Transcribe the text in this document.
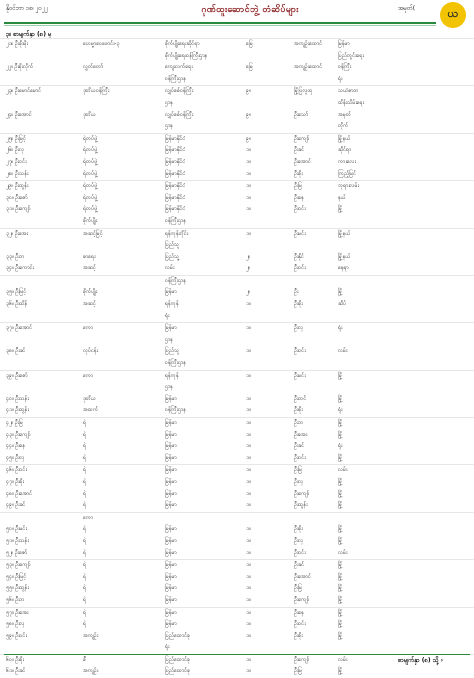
နိုဝင်ဘာ ၁၈၊ ၂၀၂၂	ဂုဏ်ထူးဆောင်ဘွဲ့ တံဆိပ်များ	အမှတ်(	ယ
၃။ စာမျက်နှာ (၈) မှ
၂၁။ ဦးစိုးမိုး	ဟေမ္မာဝေဖောင်း-၃	စိုက်ပျိုးရေးဆိုင်ရာ	မြေ	အကျဉ်းထောင်	မြန်မာ
စိုက်ပျိုးရေးဝန်ကြီးဌာန	ပြည်တွင်းရေး
၂၂။ ဦးစိုးလိုက်	လွှတ်တော်	ကျေးလက်ရေး	မြေ	အကျဉ်းထောင်	ဝန်ကြီး
ဝန်ကြီးဌာန	ရုံး
၂၃။ ဦးမောင်မောင်	ဒုတိယဝန်ကြီး	လျှပ်စစ်ဝန်ကြီး	၉။	မြို့ပြလူထု	သယံဇာတ
ဌာန	ထိန်းသိမ်းရေး
၂၄။ ဦးအောင်	ဒုတိယ	လျှပ်စစ်ဝန်ကြီး	၉။	ဦးသော်	အမှတ်
ဌာန	တိုက်
၂၅။ ဦးမြင့်	ရဲတပ်ဖွဲ့	မြန်မာနိုင်ငံ	၉။	ဦးကျော်	မြို့နယ်
၂၆။ ဦးလှ	ရဲတပ်ဖွဲ့	မြန်မာနိုင်ငံ	၁။	ဦးခင်	ဆိုင်ရာ
၂၇။ ဦးဝင်း	ရဲတပ်ဖွဲ့	မြန်မာနိုင်ငံ	၁။	ဦးအောင်	ကားလေး
၂၈။ ဦးသန်း	ရဲတပ်ဖွဲ့	မြန်မာနိုင်ငံ	၁။	ဦးစိုး	ကြည့်မြင်
၂၉။ ဦးထွန်း	ရဲတပ်ဖွဲ့	မြန်မာနိုင်ငံ	၁။	ဦးမြ	ဘုရားလမ်း
၃၀။ ဦးဇော်	ရဲတပ်ဖွဲ့	မြန်မာနိုင်ငံ	၁။	ဦးနေ	နယ်
၃၁။ ဦးကျော်	ရဲတပ်ဖွဲ့	မြန်မာနိုင်ငံ	၁။	ဦးဝင်း	မြို့
စိုက်ပျိုး	ဝန်ကြီးဌာန
၃၂။ ဦးအေး	အဆင့်မြင့်	ရန်ကုန်တိုင်း	၁။	ဦးမင်း	မြို့နယ်
ပြည်သူ
၃၃။ ဦးဘ	စာရေး	ပြည်သူ့	၂။	ဦးနိုင်	မြို့နယ်
၃၄။ ဦးကောင်း	အဆင့်	လမ်း	၂။	ဦးဝင်း	နေရာ
ဝန်ကြီးဌာန
၃၅။ ဦးမြင့်	စိုက်ပျိုး	မြန်မာ	၂။	ဦး	မြို့
၃၆။ ဦးထိန်	အဆင့်	ရန်ကုန်	၁။	ဦးစိုး	ဆိပ်
ရုံး
၃၇။ ဦးအောင်	ကော	မြန်မာ	၁။	ဦးလှ	ရုံး
ဌာန
၃၈။ ဦးခင်	လုပ်ငန်း	ပြည်သူ	၁။	ဦးဝင်း	လမ်း
ဝန်ကြီးဌာန
၃၉။ ဦးဇော်	ကော	ရန်ကုန်	၁။	ဦးမင်း	မြို့
ဌာန
၄၀။ ဦးသန်း	ဒုတိယ	မြန်မာ	၁။	ဦးတင်	မြို့
၄၁။ ဦးထွန်း	အထက်	ဝန်ကြီးဌာန	၁။	ဦးစိုး	ရုံး
၄၂။ ဦးမြ	ရဲ	မြန်မာ	၁။	ဦးဘ	မြို့
၄၃။ ဦးကျော်	ရဲ	မြန်မာ	၁။	ဦးအေး	မြို့
၄၄။ ဦးနေ	ရဲ	မြန်မာ	၁။	ဦးခင်	ရုံး
၄၅။ ဦးလှ	ရဲ	မြန်မာ	၁။	ဦးဝင်း	မြို့
၄၆။ ဦးဝင်း	ရဲ	မြန်မာ	၁။	ဦးမြ	လမ်း
၄၇။ ဦးစိုး	ရဲ	မြန်မာ	၁။	ဦးလှ	မြို့
၄၈။ ဦးအောင်	ရဲ	မြန်မာ	၁။	ဦးကျော်	မြို့
၄၉။ ဦးခင်	ရဲ	မြန်မာ	၁။	ဦးထွန်း	မြို့
ကော
၅၀။ ဦးမင်း	ရဲ	မြန်မာ	၁။	ဦးစိုး	မြို့
၅၁။ ဦးသန်း	ရဲ	မြန်မာ	၁။	ဦးလှ	မြို့
၅၂။ ဦးဇော်	ရဲ	မြန်မာ	၁။	ဦးဝင်း	လမ်း
၅၃။ ဦးကျော်	ရဲ	မြန်မာ	၁။	ဦးခင်	မြို့
၅၄။ ဦးမြင့်	ရဲ	မြန်မာ	၁။	ဦးအောင်	မြို့
၅၅။ ဦးထွန်း	ရဲ	မြန်မာ	၁။	ဦးမြ	မြို့
၅၆။ ဦးဘ	ရဲ	မြန်မာ	၁။	ဦးကျော်	မြို့
၅၇။ ဦးအေး	ရဲ	မြန်မာ	၁။	ဦးနေ	မြို့
၅၈။ ဦးလှ	ရဲ	မြန်မာ	၁။	ဦးဝင်း	မြို့
၅၉။ ဦးဝင်း	အကျဉ်း	ပြည်ထောင်စု	၁။	ဦးစိုး	မြို့
ရုံး
၆၀။ ဦးစိုး	စီ	ပြည်ထောင်စု	၁။	ဦးကျော်	လမ်း
၆၁။ ဦးခင်	အကျဉ်း	ပြည်ထောင်စု	၁။	ဦးမြ	မြို့
စာမျက်နှာ (၈) သို့ ›
